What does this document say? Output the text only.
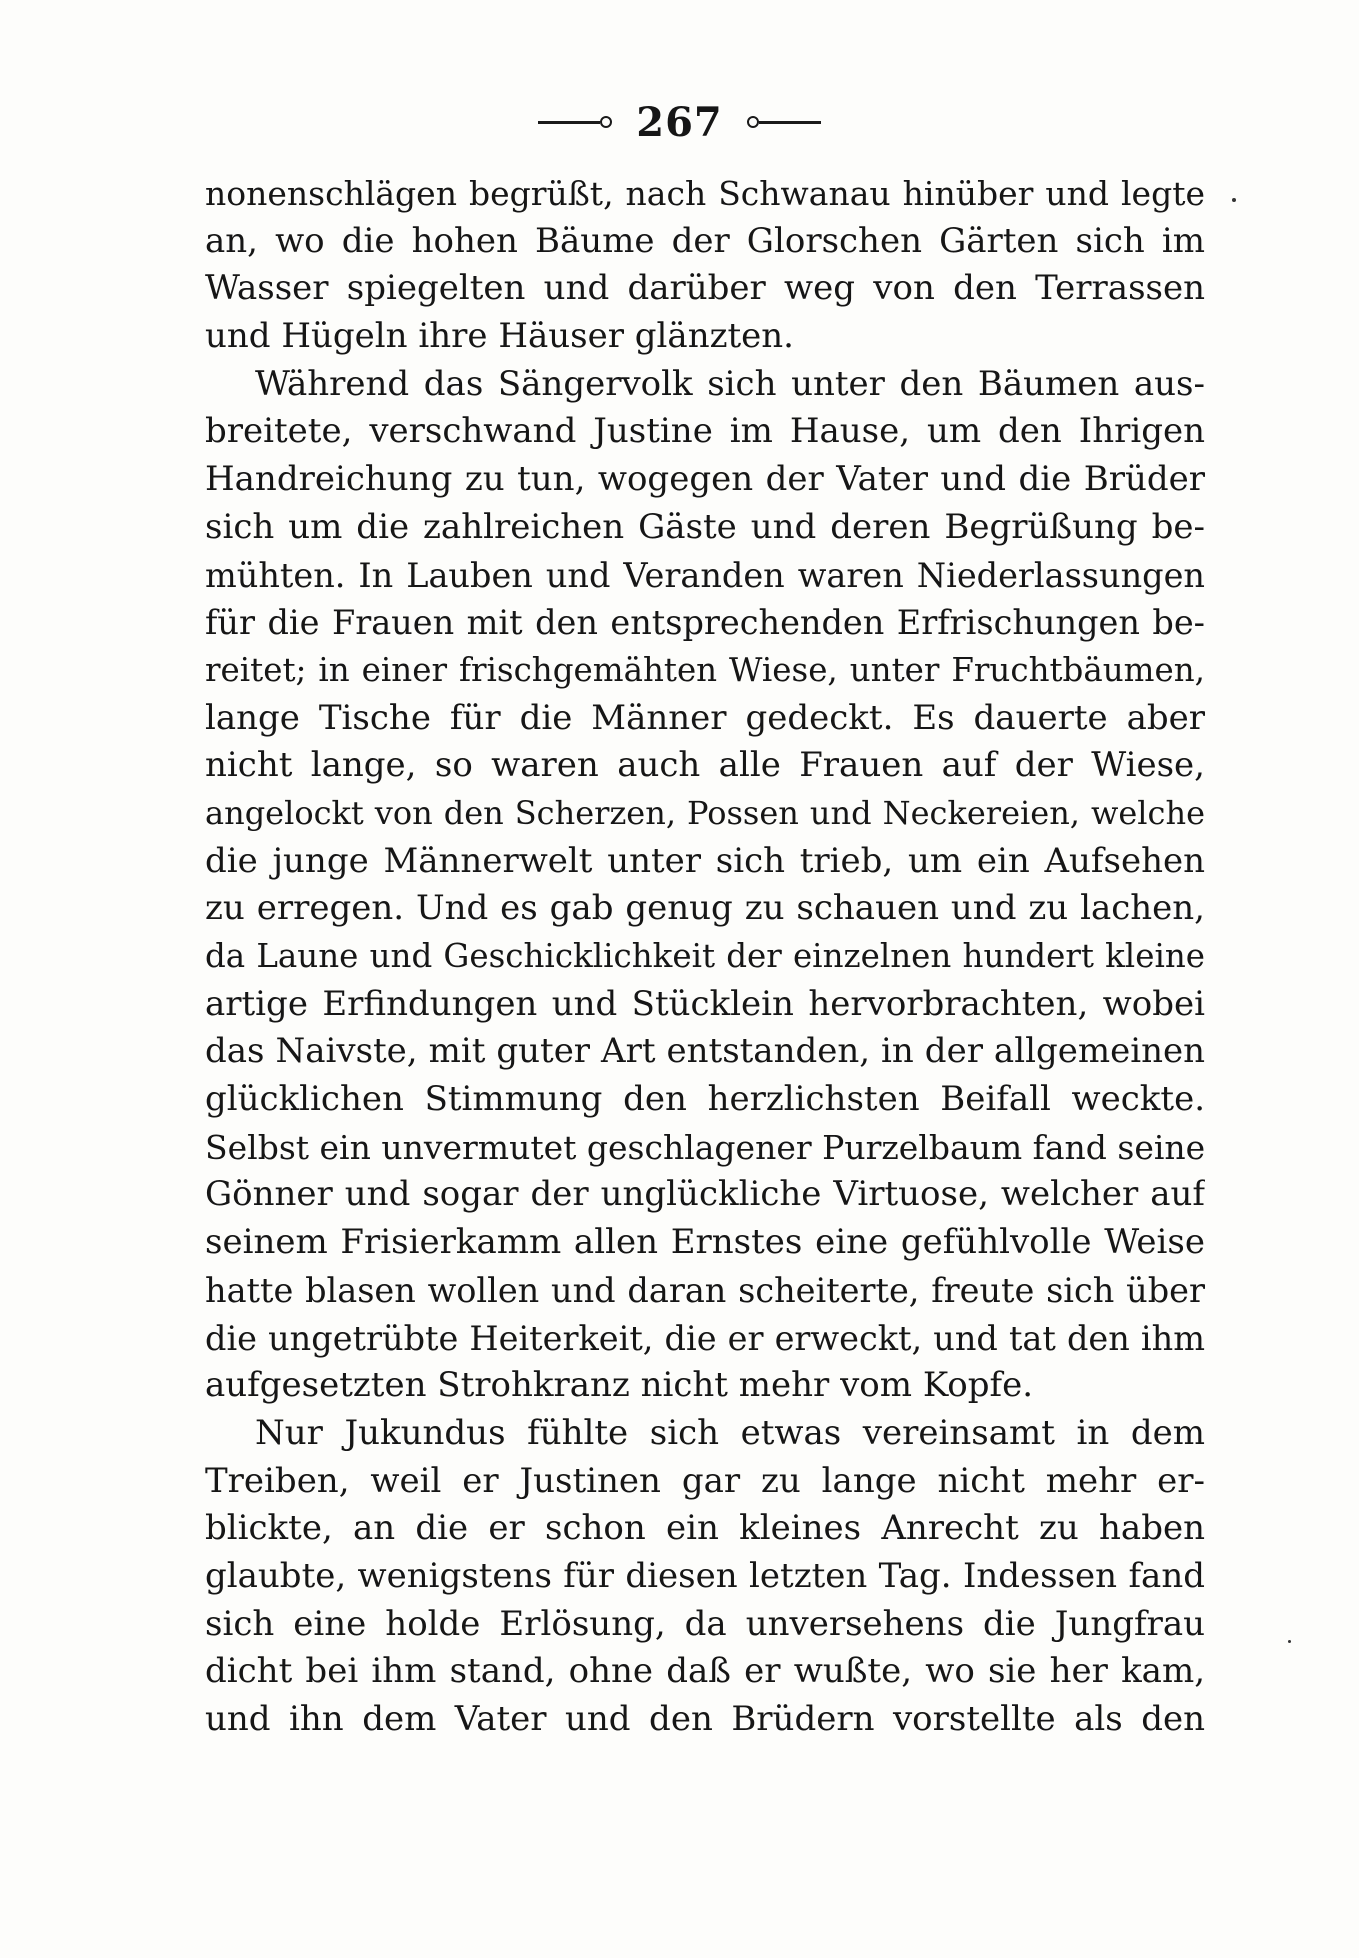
267
nonenschlägen begrüßt, nach Schwanau hinüber und legte
an, wo die hohen Bäume der Glorschen Gärten sich im
Wasser spiegelten und darüber weg von den Terrassen
und Hügeln ihre Häuser glänzten.
Während das Sängervolk sich unter den Bäumen aus-
breitete, verschwand Justine im Hause, um den Ihrigen
Handreichung zu tun, wogegen der Vater und die Brüder
sich um die zahlreichen Gäste und deren Begrüßung be-
mühten. In Lauben und Veranden waren Niederlassungen
für die Frauen mit den entsprechenden Erfrischungen be-
reitet; in einer frischgemähten Wiese, unter Fruchtbäumen,
lange Tische für die Männer gedeckt. Es dauerte aber
nicht lange, so waren auch alle Frauen auf der Wiese,
angelockt von den Scherzen, Possen und Neckereien, welche
die junge Männerwelt unter sich trieb, um ein Aufsehen
zu erregen. Und es gab genug zu schauen und zu lachen,
da Laune und Geschicklichkeit der einzelnen hundert kleine
artige Erfindungen und Stücklein hervorbrachten, wobei
das Naivste, mit guter Art entstanden, in der allgemeinen
glücklichen Stimmung den herzlichsten Beifall weckte.
Selbst ein unvermutet geschlagener Purzelbaum fand seine
Gönner und sogar der unglückliche Virtuose, welcher auf
seinem Frisierkamm allen Ernstes eine gefühlvolle Weise
hatte blasen wollen und daran scheiterte, freute sich über
die ungetrübte Heiterkeit, die er erweckt, und tat den ihm
aufgesetzten Strohkranz nicht mehr vom Kopfe.
Nur Jukundus fühlte sich etwas vereinsamt in dem
Treiben, weil er Justinen gar zu lange nicht mehr er-
blickte, an die er schon ein kleines Anrecht zu haben
glaubte, wenigstens für diesen letzten Tag. Indessen fand
sich eine holde Erlösung, da unversehens die Jungfrau
dicht bei ihm stand, ohne daß er wußte, wo sie her kam,
und ihn dem Vater und den Brüdern vorstellte als den
